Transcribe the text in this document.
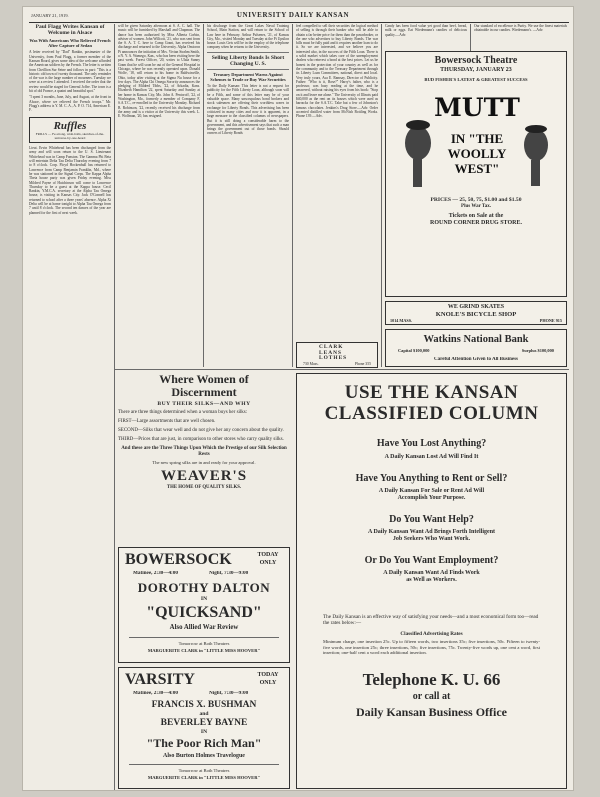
JANUARY 21, 1919.	UNIVERSITY DAILY KANSAN
Paul Flagg Writes Kansan of Welcome in Alsace
Was With Americans Who Relieved French After Capture of Sedan
A letter received by "Dad" Rankin, postmaster of the University, from Paul Flagg, a former member of the Kansan Board, gives some idea of the welcome afforded the American soldiers by the French. The letter is written from Cheillion Sur Seine and follows in part: "This is a historic old town of twenty thousand. The only reminder of the war is the large number of mourners. Tuesday we were at a review I attended. I received the order that the review would be staged for General Joffre. The town is a bit of old France, a quaint and beautiful spot."
"I spent 3 months, June, July, and August, at the front in Alsace, where we relieved the French troops." Mr. Flagg's address is Y. M. C. A., A. P. O. 714, American E. F.
Ruffles
FRILLS — Fe-strong, wish-balls, sketches-of-the-universe-by-one-heard
Lieut. Ervin Whitehead has been discharged from the army and will soon return to the U. S. Lieutenant Whitehead was in Camp Funston. The Gamma Phi Beta will entertain Delta Tau Delta Thursday evening from 7 to 8 o'clock. Corp. Floyd Hockenhull has returned to Lawrence from Camp Benjamin Franklin, Md., where he was stationed in the Signal Corps. The Kappa Alpha Theta house party was given Friday evening. Miss Mildred Payne of Hutchinson will come to Lawrence Thursday to be a guest at the Kappa house. Cecil Rankin, Y.M.C.A. secretary at the Alpha Tau Omega house, is visiting in Kansas City. Jack O'Connell has returned to school after a three years' absence. Alpha Xi Delta will be at home tonight to Alpha Tau Omega from 7 until 8 o'clock. The second ten dances of the year are planned for the first of next week.
will be given Saturday afternoon at S. A. C. hall. The music will be furnished by Marshall and Chapman. The dance has been authorized by Miss Alberta Corbin, adviser of women. John Willcott, '21, who was sent from the S. A. T. C. here to Camp Grant, has received his discharge and returned to the University. Alpha Omicron Pi announces the initiation of Mrs. Vivian Strahm Smith, a N. Y. A. Wamego, Kan., who has been visiting here the past week. Forest Officer, '20, writes to Ulala Sunny Gram that he will soon be out of the General Hospital in Chicago, where he was recently operated upon. Donald Wolfe, '18, will return to his home in Baldwinville, Ohio, today after visiting at the Sigma Nu house for a few days. The Alpha Chi Omega Sorority announces the pledging of Mildred Tibbs, '22, of Arkadia, Kans. Elizabeth Hamilton '22, spent Saturday and Sunday at her home in Kansas City, Mo. John A. Pentcroff, '22, of Washington, Mo., formerly a member of Company F, S.A.T.C., re-enrolled in the University Monday. Richard B. Robinson, '22, recently received his discharge from the army and is a visitor at the University this week. L. E. Wolfman, '20, has resigned.
his discharge from the Great Lakes Naval Training School, Main Station, and will return to the School of Law here in February. Arthur Pulsenes, '21, of Kansas City, Mo., visited Monday and Tuesday at the Pi Upsilon house. Louis Geis will be in the employ of the telephone company when he returns to the University.
Selling Liberty Bonds Is Short Changing U. S.
Treasury Department Warns Against Schemes to Trade or Buy War Securities
To the Daily Kansan: This letter is not a request for publicity for the Fifth Liberty Loan, although soon will be a Fifth, and some of this letter may be of your valuable space. Many unscrupulous bond brokers and stock salesmen are offering their worthless wares in exchange for Liberty Bonds. This advertising has been criticized in many cities and now it is apparent, in a large measure to the classified columns of newspapers. But it is still doing a considerable harm to the government, and this advertisement says that such a man brings the government out of those bonds. Should owners of Liberty Bonds
feel compelled to sell their securities the logical method of selling is through their banker who will be able to obtain a far better price for them than the pawnbroker, or the one who advertises to buy Liberty Bonds. The war bills must be fully paid and it requires another loan to do it. So we are interested, and we believe you are interested also, in the success of the Fifth Loan. There is a solid market which takes care of the unemployment dealers who reinvest a bond at the best prices. Let us be honest in the protection of your country as well as for the community and to the Treasury Department through its Liberty Loan Committees, national, direct and local. Very truly yours, Asa E. Ramsay, Director of Publicity. Father: "Who is it, Rose?" Harry's father, who is a professor, was busy reading at the time, and he answered, without raising his eyes from his book: "Stop on it and leave me alone." The University of Illinois paid $40,000 as the rent on its houses which were used as barracks for the S.A.T.C. Take but a few of Johnston's famous chocolates. Jenkins's Drug Store.—Adv. Order accented distilled water from McNish Bottling Works. Phone 139.—Adv.
Candy has been food value yet good than beef, bread, milk or eggs. Eat Wiedemann's candies of delicious quality.—Adv.
Our standard of excellence is Purity. We use the finest materials obtainable in our candies. Wiedemann's. —Adv.
Bowersock Theatre
THURSDAY, JANUARY 23
BUD FISHER'S LATEST & GREATEST SUCCESS
MUTT
IN "THE WOOLLY WEST"
PRICES — 25, 50, 75, $1.00 and $1.50
Plus War Tax.
Tickets on Sale at the
ROUND CORNER DRUG STORE.
WE GRIND SKATES
KNOLE'S BICYCLE SHOP
1014 MASS.	PHONE 915
CLARK
LEANS
LOTHES
730 Mass.	Phone 355
Watkins National Bank
Capital $100,000	Surplus $100,000
Careful Attention Given to All Business
Where Women of
Discernment
BUY THEIR SILKS—AND WHY
There are three things determined when a woman buys her silks:
FIRST—Large assortments that are well chosen.
SECOND—Silks that wear well and do not give her any concern about the quality.
THIRD—Prices that are just, in comparison to other stores who carry quality silks.
And these are the Three Things Upon Which the Prestige of our Silk Selection Rests
The new spring silks are in and ready for your approval.
WEAVER'S
THE HOME OF QUALITY SILKS.
BOWERSOCK	TODAY
ONLY
Matinee, 2:30—4:00	Night, 7:30—9:00
DOROTHY DALTON
IN
"QUICKSAND"
Also Allied War Review
Tomorrow at Both Theatres
MARGUERITE CLARK in "LITTLE MISS HOOVER"
VARSITY	TODAY
ONLY
Matinee, 2:30—4:00	Night, 7:30—9:00
FRANCIS X. BUSHMAN
and
BEVERLEY BAYNE
IN
"The Poor Rich Man"
Also Burton Holmes Travelogue
Tomorrow at Both Theatres
MARGUERITE CLARK in "LITTLE MISS HOOVER"
USE THE KANSAN
CLASSIFIED COLUMN
Have You Lost Anything?
A Daily Kansan Lost Ad Will Find It
Have You Anything to Rent or Sell?
A Daily Kansan For Sale or Rent Ad Will
Accomplish Your Purpose.
Do You Want Help?
A Daily Kansan Want Ad Brings Forth Intelligent
Job Seekers Who Want Work.
Or Do You Want Employment?
A Daily Kansan Want Ad Finds Work
as Well as Workers.
The Daily Kansan is an effective way of satisfying your needs—and a most economical form too—read the rates below:—
Classified Advertising Rates
Minimum charge, one insertion 25c. Up to fifteen words, two insertions 35c; five insertions, 50c. Fifteen to twenty-five words, one insertion 25c; three insertions, 50c; five insertions, 75c. Twenty-five words up, one cent a word, first insertion; one-half cent a word each additional insertion.
Telephone K. U. 66
or call at
Daily Kansan Business Office
